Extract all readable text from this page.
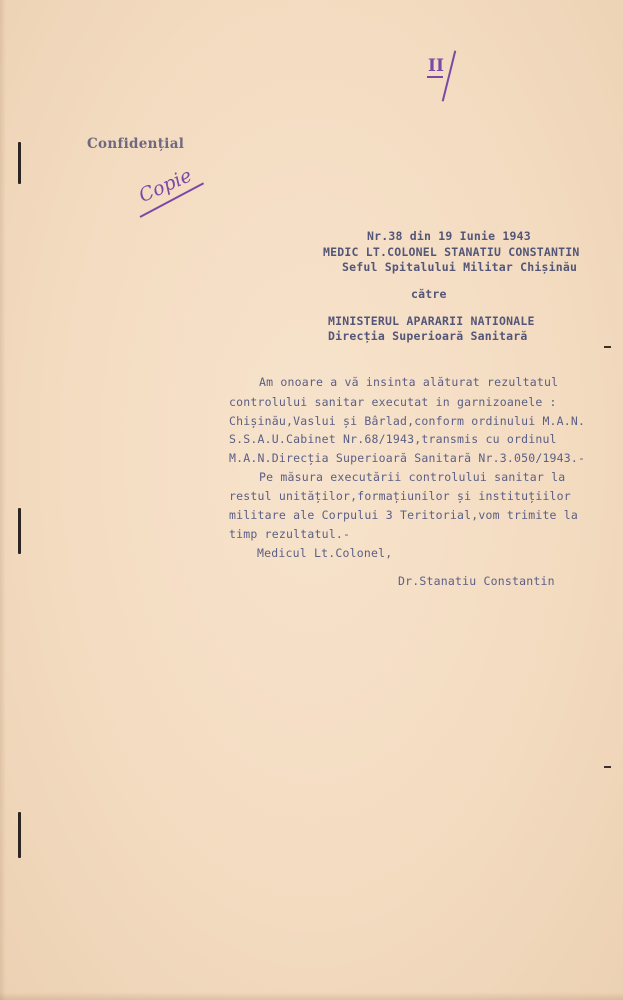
II
Confidențial
Copie
Nr.38 din 19 Iunie 1943
MEDIC LT.COLONEL STANATIU CONSTANTIN
Seful Spitalului Militar Chișinău
către
MINISTERUL APARARII NATIONALE
Direcția Superioară Sanitară
Am onoare a vă insinta alăturat rezultatul
controlului sanitar executat in garnizoanele :
Chișinău,Vaslui și Bârlad,conform ordinului M.A.N.
S.S.A.U.Cabinet Nr.68/1943,transmis cu ordinul
M.A.N.Direcția Superioară Sanitară Nr.3.050/1943.-
Pe măsura executării controlului sanitar la
restul unităților,formațiunilor și instituțiilor
militare ale Corpului 3 Teritorial,vom trimite la
timp rezultatul.-
Medicul Lt.Colonel,
Dr.Stanatiu Constantin
